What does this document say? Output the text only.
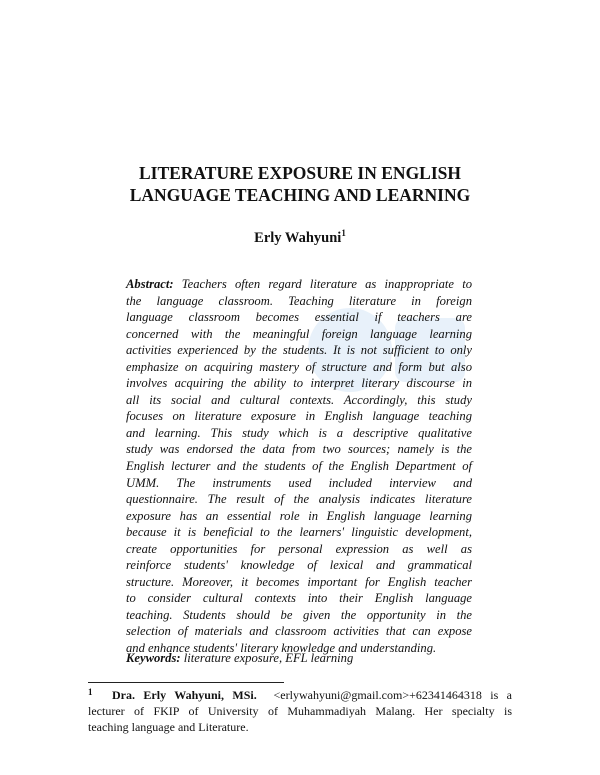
LITERATURE EXPOSURE IN ENGLISH
LANGUAGE TEACHING AND LEARNING
Erly Wahyuni$^1$
Abstract: Teachers often regard literature as inappropriate to
the language classroom. Teaching literature in foreign
language classroom becomes essential if teachers are
concerned with the meaningful foreign language learning
activities experienced by the students. It is not sufficient to only
emphasize on acquiring mastery of structure and form but also
involves acquiring the ability to interpret literary discourse in
all its social and cultural contexts. Accordingly, this study
focuses on literature exposure in English language teaching
and learning. This study which is a descriptive qualitative
study was endorsed the data from two sources; namely is the
English lecturer and the students of the English Department of
UMM. The instruments used included interview and
questionnaire. The result of the analysis indicates literature
exposure has an essential role in English language learning
because it is beneficial to the learners' linguistic development,
create opportunities for personal expression as well as
reinforce students' knowledge of lexical and grammatical
structure. Moreover, it becomes important for English teacher
to consider cultural contexts into their English language
teaching. Students should be given the opportunity in the
selection of materials and classroom activities that can expose
and enhance students' literary knowledge and understanding.
Keywords: literature exposure, EFL learning
1 Dra. Erly Wahyuni, MSi. <erlywahyuni@gmail.com>+62341464318 is a
lecturer of FKIP of University of Muhammadiyah Malang. Her specialty is
teaching language and Literature.
